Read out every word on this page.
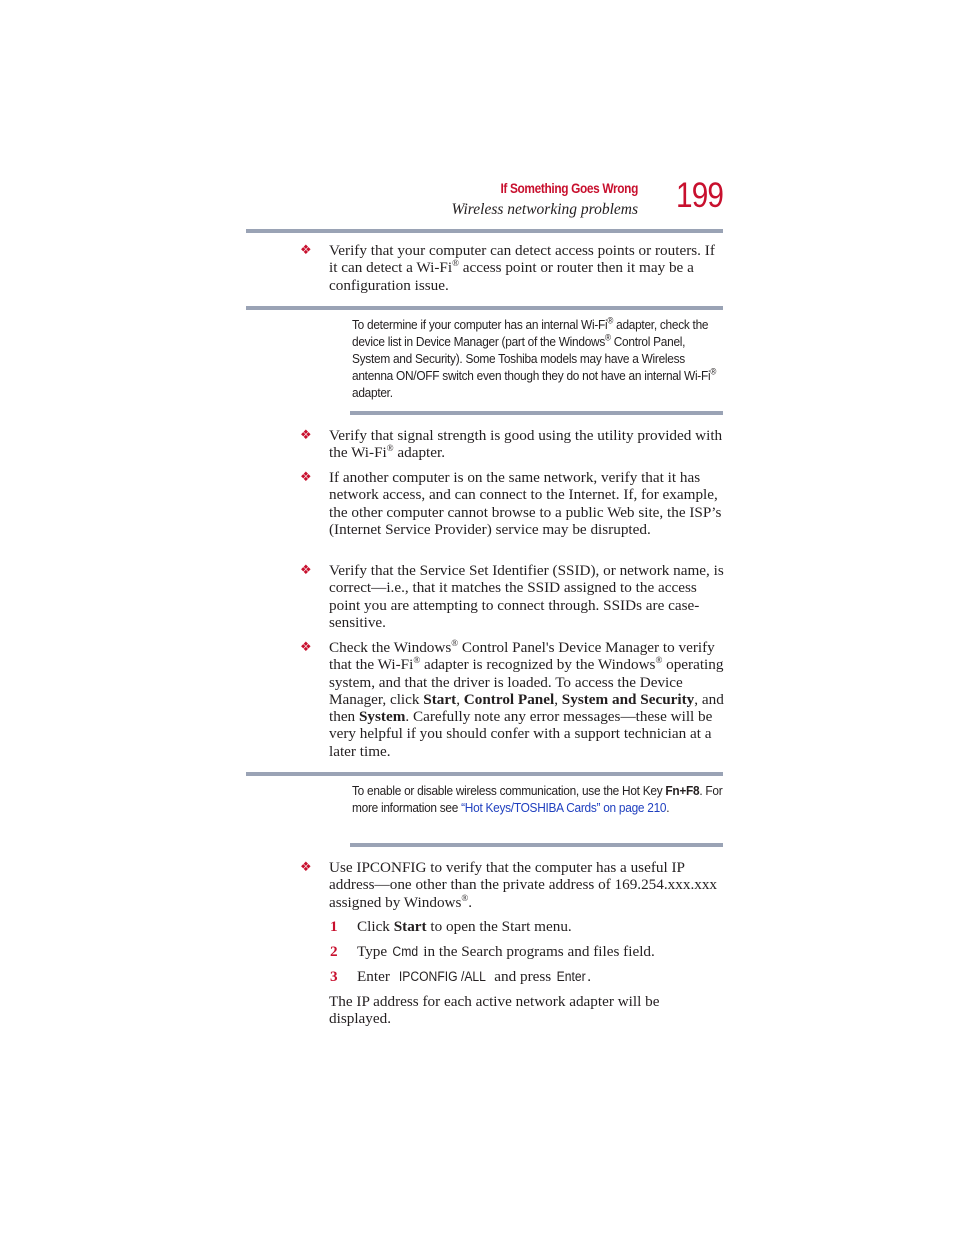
If Something Goes Wrong
Wireless networking problems 199
❖ Verify that your computer can detect access points or routers. If it can detect a Wi-Fi® access point or router then it may be a configuration issue.
To determine if your computer has an internal Wi-Fi® adapter, check the device list in Device Manager (part of the Windows® Control Panel, System and Security). Some Toshiba models may have a Wireless antenna ON/OFF switch even though they do not have an internal Wi-Fi® adapter.
❖ Verify that signal strength is good using the utility provided with the Wi-Fi® adapter.
❖ If another computer is on the same network, verify that it has network access, and can connect to the Internet. If, for example, the other computer cannot browse to a public Web site, the ISP’s (Internet Service Provider) service may be disrupted.
❖ Verify that the Service Set Identifier (SSID), or network name, is correct—i.e., that it matches the SSID assigned to the access point you are attempting to connect through. SSIDs are case-sensitive.
❖ Check the Windows® Control Panel's Device Manager to verify that the Wi-Fi® adapter is recognized by the Windows® operating system, and that the driver is loaded. To access the Device Manager, click Start, Control Panel, System and Security, and then System. Carefully note any error messages—these will be very helpful if you should confer with a support technician at a later time.
To enable or disable wireless communication, use the Hot Key Fn+F8. For more information see “Hot Keys/TOSHIBA Cards” on page 210.
❖ Use IPCONFIG to verify that the computer has a useful IP address—one other than the private address of 169.254.xxx.xxx assigned by Windows®.
1 Click Start to open the Start menu.
2 Type Cmd in the Search programs and files field.
3 Enter IPCONFIG /ALL and press Enter .
The IP address for each active network adapter will be displayed.
